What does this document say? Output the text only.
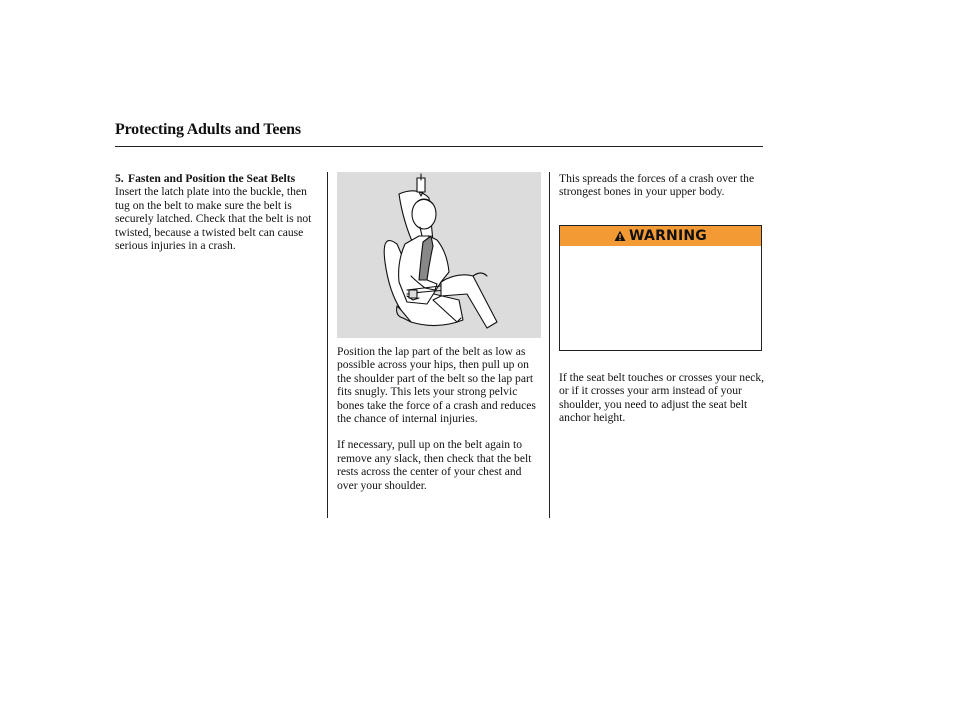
Protecting Adults and Teens
5. Fasten and Position the Seat Belts

Insert the latch plate into the buckle, then tug on the belt to make sure the belt is securely latched. Check that the belt is not twisted, because a twisted belt can cause serious injuries in a crash.

Position the lap part of the belt as low as possible across your hips, then pull up on the shoulder part of the belt so the lap part fits snugly. This lets your strong pelvic bones take the force of a crash and reduces the chance of internal injuries.

If necessary, pull up on the belt again to remove any slack, then check that the belt rests across the center of your chest and over your shoulder.

This spreads the forces of a crash over the strongest bones in your upper body.

WARNING

If the seat belt touches or crosses your neck, or if it crosses your arm instead of your shoulder, you need to adjust the seat belt anchor height.
